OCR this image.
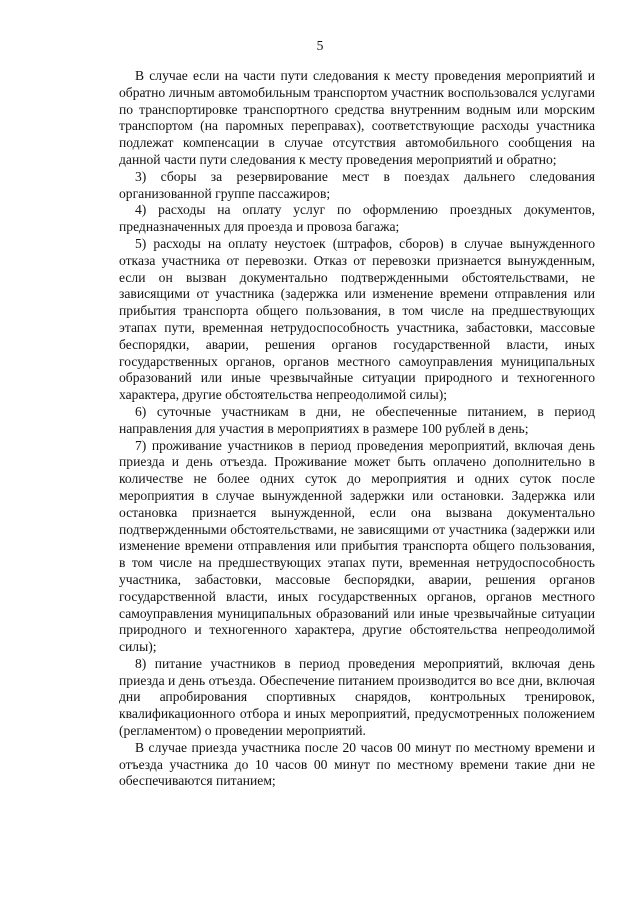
5

В случае если на части пути следования к месту проведения мероприятий и обратно личным автомобильным транспортом участник воспользовался услугами по транспортировке транспортного средства внутренним водным или морским транспортом (на паромных переправах), соответствующие расходы участника подлежат компенсации в случае отсутствия автомобильного сообщения на данной части пути следования к месту проведения мероприятий и обратно;

3) сборы за резервирование мест в поездах дальнего следования организованной группе пассажиров;

4) расходы на оплату услуг по оформлению проездных документов, предназначенных для проезда и провоза багажа;

5) расходы на оплату неустоек (штрафов, сборов) в случае вынужденного отказа участника от перевозки. Отказ от перевозки признается вынужденным, если он вызван документально подтвержденными обстоятельствами, не зависящими от участника (задержка или изменение времени отправления или прибытия транспорта общего пользования, в том числе на предшествующих этапах пути, временная нетрудоспособность участника, забастовки, массовые беспорядки, аварии, решения органов государственной власти, иных государственных органов, органов местного самоуправления муниципальных образований или иные чрезвычайные ситуации природного и техногенного характера, другие обстоятельства непреодолимой силы);

6) суточные участникам в дни, не обеспеченные питанием, в период направления для участия в мероприятиях в размере 100 рублей в день;

7) проживание участников в период проведения мероприятий, включая день приезда и день отъезда. Проживание может быть оплачено дополнительно в количестве не более одних суток до мероприятия и одних суток после мероприятия в случае вынужденной задержки или остановки. Задержка или остановка признается вынужденной, если она вызвана документально подтвержденными обстоятельствами, не зависящими от участника (задержки или изменение времени отправления или прибытия транспорта общего пользования, в том числе на предшествующих этапах пути, временная нетрудоспособность участника, забастовки, массовые беспорядки, аварии, решения органов государственной власти, иных государственных органов, органов местного самоуправления муниципальных образований или иные чрезвычайные ситуации природного и техногенного характера, другие обстоятельства непреодолимой силы);

8) питание участников в период проведения мероприятий, включая день приезда и день отъезда. Обеспечение питанием производится во все дни, включая дни апробирования спортивных снарядов, контрольных тренировок, квалификационного отбора и иных мероприятий, предусмотренных положением (регламентом) о проведении мероприятий.

В случае приезда участника после 20 часов 00 минут по местному времени и отъезда участника до 10 часов 00 минут по местному времени такие дни не обеспечиваются питанием;
